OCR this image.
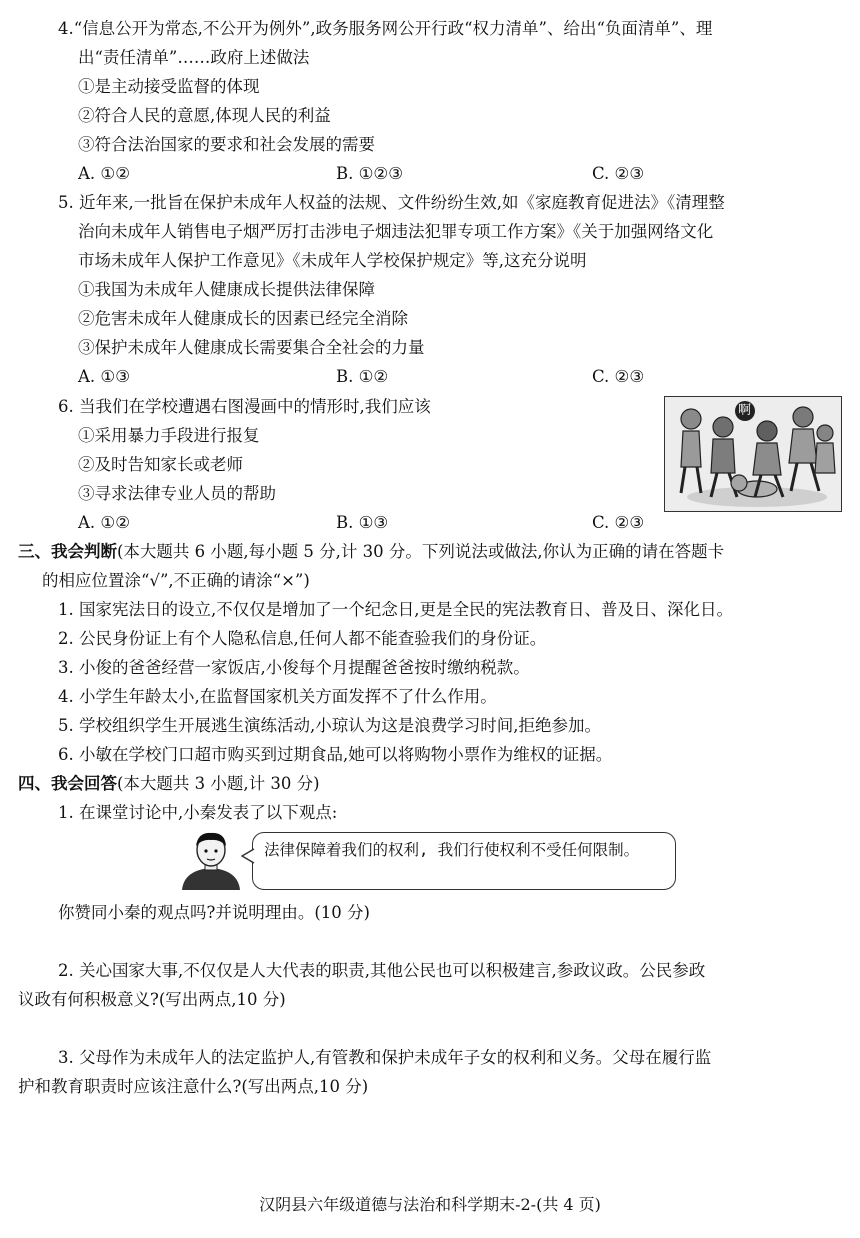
4.“信息公开为常态,不公开为例外”,政务服务网公开行政“权力清单”、给出“负面清单”、理
出“责任清单”……政府上述做法
①是主动接受监督的体现
②符合人民的意愿,体现人民的利益
③符合法治国家的要求和社会发展的需要
A. ①②	B. ①②③	C. ②③
5. 近年来,一批旨在保护未成年人权益的法规、文件纷纷生效,如《家庭教育促进法》《清理整
治向未成年人销售电子烟严厉打击涉电子烟违法犯罪专项工作方案》《关于加强网络文化
市场未成年人保护工作意见》《未成年人学校保护规定》等,这充分说明
①我国为未成年人健康成长提供法律保障
②危害未成年人健康成长的因素已经完全消除
③保护未成年人健康成长需要集合全社会的力量
A. ①③	B. ①②	C. ②③
6. 当我们在学校遭遇右图漫画中的情形时,我们应该
①采用暴力手段进行报复
②及时告知家长或老师
③寻求法律专业人员的帮助
A. ①②	B. ①③	C. ②③
啊
三、我会判断(本大题共 6 小题,每小题 5 分,计 30 分。下列说法或做法,你认为正确的请在答题卡
的相应位置涂“√”,不正确的请涂“×”)
1. 国家宪法日的设立,不仅仅是增加了一个纪念日,更是全民的宪法教育日、普及日、深化日。
2. 公民身份证上有个人隐私信息,任何人都不能查验我们的身份证。
3. 小俊的爸爸经营一家饭店,小俊每个月提醒爸爸按时缴纳税款。
4. 小学生年龄太小,在监督国家机关方面发挥不了什么作用。
5. 学校组织学生开展逃生演练活动,小琼认为这是浪费学习时间,拒绝参加。
6. 小敏在学校门口超市购买到过期食品,她可以将购物小票作为维权的证据。
四、我会回答(本大题共 3 小题,计 30 分)
1. 在课堂讨论中,小秦发表了以下观点:
法律保障着我们的权利, 我们行使权利不受任何限制。
你赞同小秦的观点吗?并说明理由。(10 分)
2. 关心国家大事,不仅仅是人大代表的职责,其他公民也可以积极建言,参政议政。公民参政
议政有何积极意义?(写出两点,10 分)
3. 父母作为未成年人的法定监护人,有管教和保护未成年子女的权利和义务。父母在履行监
护和教育职责时应该注意什么?(写出两点,10 分)
汉阴县六年级道德与法治和科学期末-2-(共 4 页)
